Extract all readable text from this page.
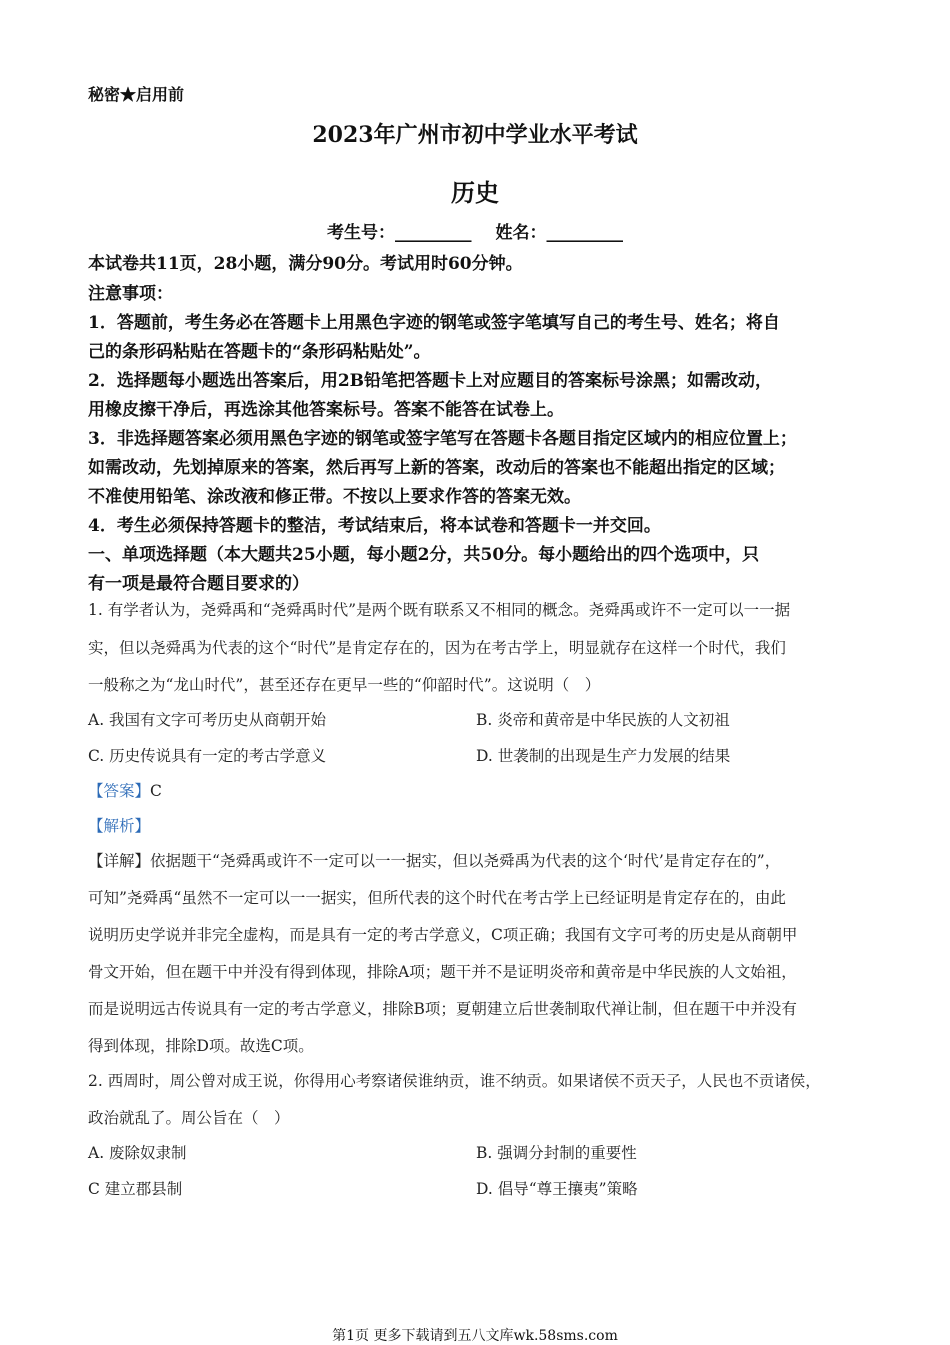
秘密★启用前
2023年广州市初中学业水平考试
历史
考生号：_________ 姓名：_________
本试卷共11页，28小题，满分90分。考试用时60分钟。
注意事项：
1．答题前，考生务必在答题卡上用黑色字迹的钢笔或签字笔填写自己的考生号、姓名；将自
己的条形码粘贴在答题卡的“条形码粘贴处”。
2．选择题每小题选出答案后，用2B铅笔把答题卡上对应题目的答案标号涂黑；如需改动，
用橡皮擦干净后，再选涂其他答案标号。答案不能答在试卷上。
3．非选择题答案必须用黑色字迹的钢笔或签字笔写在答题卡各题目指定区域内的相应位置上；
如需改动，先划掉原来的答案，然后再写上新的答案，改动后的答案也不能超出指定的区域；
不准使用铅笔、涂改液和修正带。不按以上要求作答的答案无效。
4．考生必须保持答题卡的整洁，考试结束后，将本试卷和答题卡一并交回。
一、单项选择题（本大题共25小题，每小题2分，共50分。每小题给出的四个选项中，只
有一项是最符合题目要求的）
1. 有学者认为，尧舜禹和“尧舜禹时代”是两个既有联系又不相同的概念。尧舜禹或许不一定可以一一据
实，但以尧舜禹为代表的这个“时代”是肯定存在的，因为在考古学上，明显就存在这样一个时代，我们
一般称之为“龙山时代”，甚至还存在更早一些的“仰韶时代”。这说明（　）
A. 我国有文字可考历史从商朝开始	B. 炎帝和黄帝是中华民族的人文初祖
C. 历史传说具有一定的考古学意义	D. 世袭制的出现是生产力发展的结果
【答案】C
【解析】
【详解】依据题干“尧舜禹或许不一定可以一一据实，但以尧舜禹为代表的这个‘时代’是肯定存在的”，
可知”尧舜禹“虽然不一定可以一一据实，但所代表的这个时代在考古学上已经证明是肯定存在的，由此
说明历史学说并非完全虚构，而是具有一定的考古学意义，C项正确；我国有文字可考的历史是从商朝甲
骨文开始，但在题干中并没有得到体现，排除A项；题干并不是证明炎帝和黄帝是中华民族的人文始祖，
而是说明远古传说具有一定的考古学意义，排除B项；夏朝建立后世袭制取代禅让制，但在题干中并没有
得到体现，排除D项。故选C项。
2. 西周时，周公曾对成王说，你得用心考察诸侯谁纳贡，谁不纳贡。如果诸侯不贡天子，人民也不贡诸侯，
政治就乱了。周公旨在（　）
A. 废除奴隶制	B. 强调分封制的重要性
C 建立郡县制	D. 倡导“尊王攘夷”策略
第1页 更多下载请到五八文库wk.58sms.com
